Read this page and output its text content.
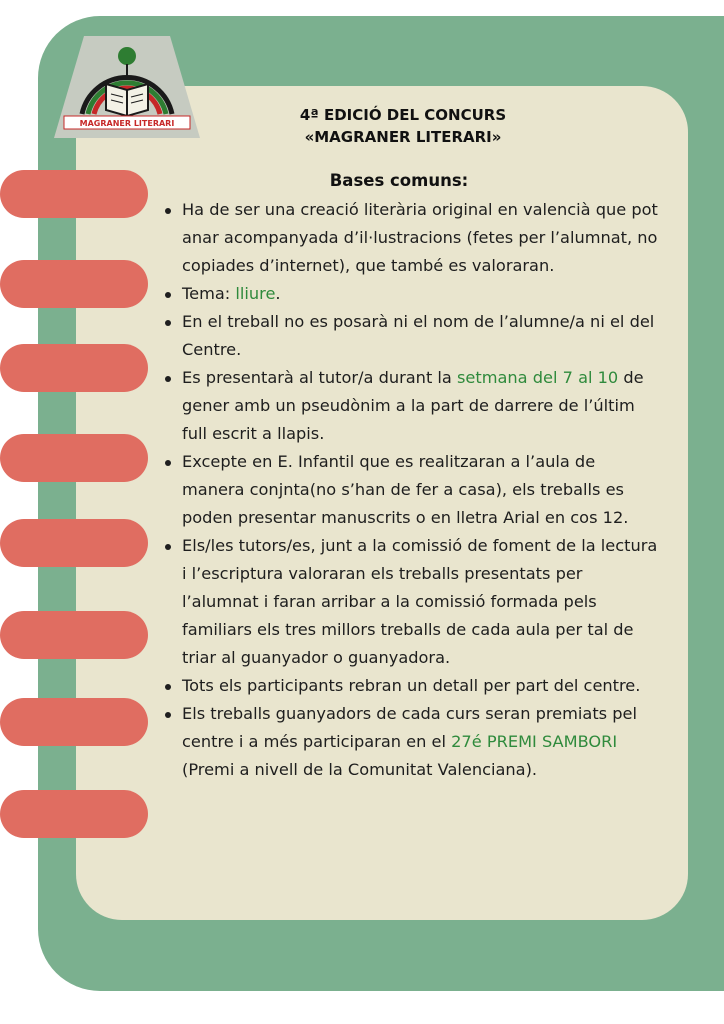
MAGRANER LITERARI	4ª EDICIÓ DEL CONCURS
«MAGRANER LITERARI»
Bases comuns:
Ha de ser una creació literària original en valencià que pot anar acompanyada d’il·lustracions (fetes per l’alumnat, no copiades d’internet), que també es valoraran.
Tema: lliure.
En el treball no es posarà ni el nom de l’alumne/a ni el del Centre.
Es presentarà al tutor/a durant la setmana del 7 al 10 de gener amb un pseudònim a la part de darrere de l’últim full escrit a llapis.
Excepte en E. Infantil que es realitzaran a l’aula de manera conjnta(no s’han de fer a casa), els treballs es poden presentar manuscrits o en lletra Arial en cos 12.
Els/les tutors/es, junt a la comissió de foment de la lectura i l’escriptura valoraran els treballs presentats per l’alumnat i faran arribar a la comissió formada pels familiars els tres millors treballs de cada aula per tal de triar al guanyador o guanyadora.
Tots els participants rebran un detall per part del centre.
Els treballs guanyadors de cada curs seran premiats pel centre i a més participaran en el 27é PREMI SAMBORI (Premi a nivell de la Comunitat Valenciana).
